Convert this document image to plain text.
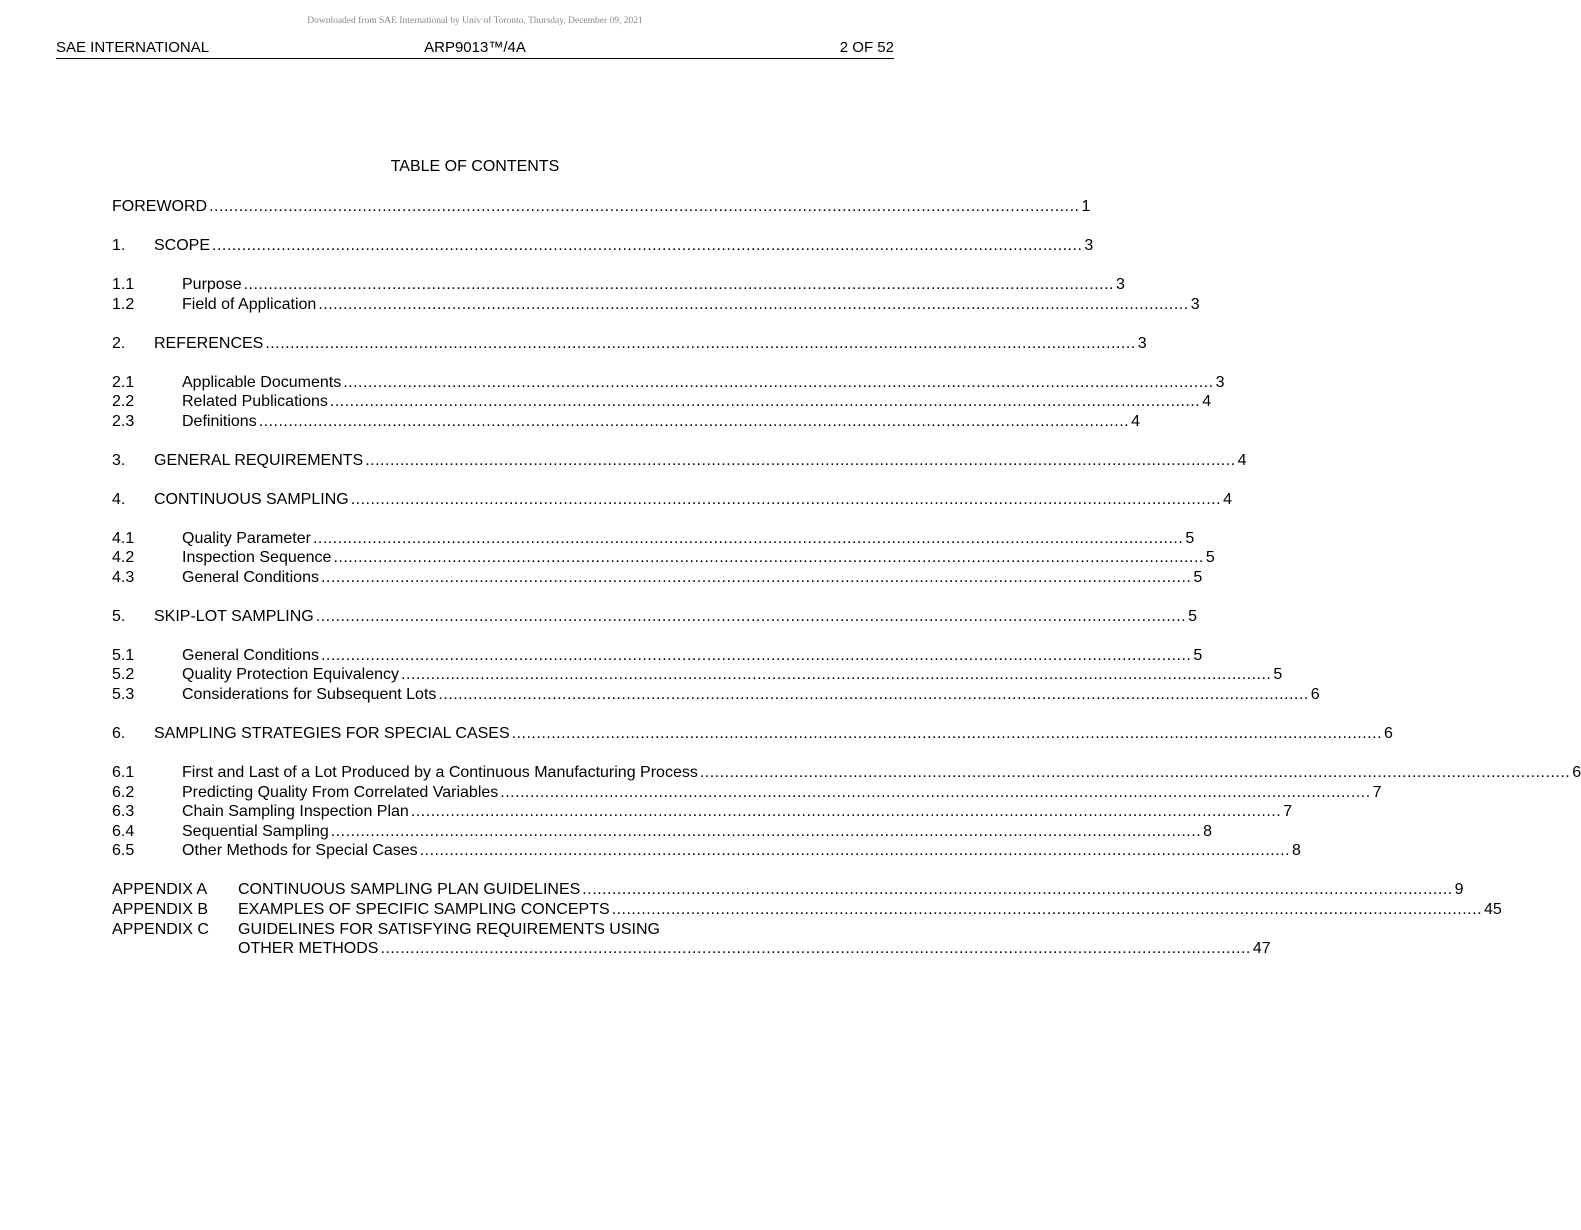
Downloaded from SAE International by Univ of Toronto, Thursday, December 09, 2021
SAE INTERNATIONAL	ARP9013™/4A	2 OF 52
TABLE OF CONTENTS
FOREWORD ................................................................................................................................................................................ 1
1. SCOPE ................................................................................................................................................................................ 3
1.1	Purpose ................................................................................................................................................................................ 3
1.2	Field of Application ................................................................................................................................................................................ 3
2. REFERENCES ................................................................................................................................................................................ 3
2.1	Applicable Documents ................................................................................................................................................................................ 3
2.2	Related Publications ................................................................................................................................................................................ 4
2.3	Definitions ................................................................................................................................................................................ 4
3. GENERAL REQUIREMENTS ................................................................................................................................................................................ 4
4. CONTINUOUS SAMPLING ................................................................................................................................................................................ 4
4.1	Quality Parameter ................................................................................................................................................................................ 5
4.2	Inspection Sequence ................................................................................................................................................................................ 5
4.3	General Conditions ................................................................................................................................................................................ 5
5. SKIP-LOT SAMPLING ................................................................................................................................................................................ 5
5.1	General Conditions ................................................................................................................................................................................ 5
5.2	Quality Protection Equivalency ................................................................................................................................................................................ 5
5.3	Considerations for Subsequent Lots ................................................................................................................................................................................ 6
6. SAMPLING STRATEGIES FOR SPECIAL CASES ................................................................................................................................................................................ 6
6.1	First and Last of a Lot Produced by a Continuous Manufacturing Process ................................................................................................................................................................................ 6
6.2	Predicting Quality From Correlated Variables ................................................................................................................................................................................ 7
6.3	Chain Sampling Inspection Plan ................................................................................................................................................................................ 7
6.4	Sequential Sampling ................................................................................................................................................................................ 8
6.5	Other Methods for Special Cases ................................................................................................................................................................................ 8
APPENDIX A CONTINUOUS SAMPLING PLAN GUIDELINES ................................................................................................................................................................................ 9
APPENDIX B EXAMPLES OF SPECIFIC SAMPLING CONCEPTS ................................................................................................................................................................................ 45
APPENDIX C GUIDELINES FOR SATISFYING REQUIREMENTS USING
OTHER METHODS ................................................................................................................................................................................ 47
